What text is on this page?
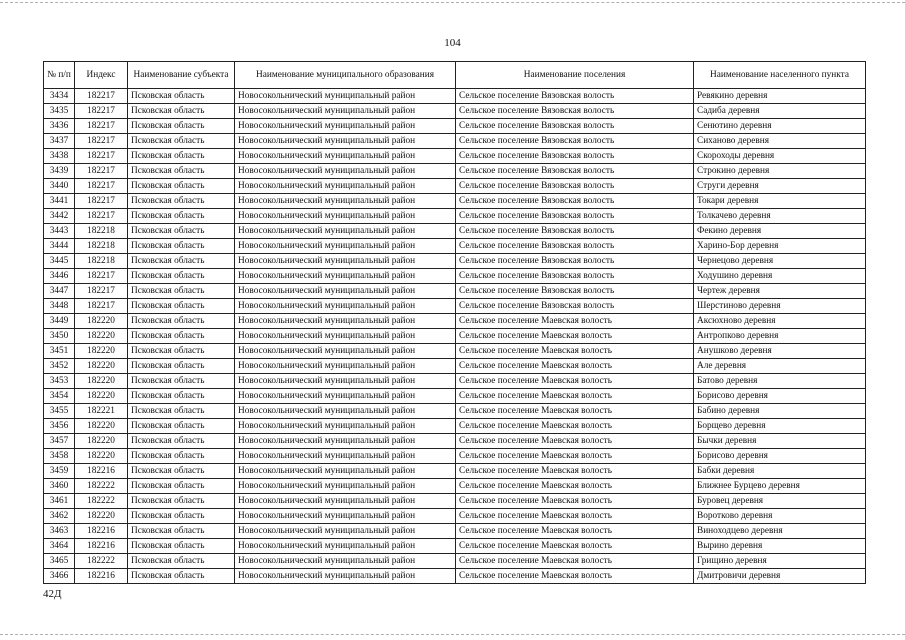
104
№ п/п	Индекс	Наименование субъекта	Наименование муниципального образования	Наименование поселения	Наименование населенного пункта
3434	182217	Псковская область	Новосокольнический муниципальный район	Сельское поселение Вязовская волость	Ревякино деревня
3435	182217	Псковская область	Новосокольнический муниципальный район	Сельское поселение Вязовская волость	Садиба деревня
3436	182217	Псковская область	Новосокольнический муниципальный район	Сельское поселение Вязовская волость	Сенютино деревня
3437	182217	Псковская область	Новосокольнический муниципальный район	Сельское поселение Вязовская волость	Сиханово деревня
3438	182217	Псковская область	Новосокольнический муниципальный район	Сельское поселение Вязовская волость	Скороходы деревня
3439	182217	Псковская область	Новосокольнический муниципальный район	Сельское поселение Вязовская волость	Строкино деревня
3440	182217	Псковская область	Новосокольнический муниципальный район	Сельское поселение Вязовская волость	Струги деревня
3441	182217	Псковская область	Новосокольнический муниципальный район	Сельское поселение Вязовская волость	Токари деревня
3442	182217	Псковская область	Новосокольнический муниципальный район	Сельское поселение Вязовская волость	Толкачево деревня
3443	182218	Псковская область	Новосокольнический муниципальный район	Сельское поселение Вязовская волость	Фекино деревня
3444	182218	Псковская область	Новосокольнический муниципальный район	Сельское поселение Вязовская волость	Харино-Бор деревня
3445	182218	Псковская область	Новосокольнический муниципальный район	Сельское поселение Вязовская волость	Чернецово деревня
3446	182217	Псковская область	Новосокольнический муниципальный район	Сельское поселение Вязовская волость	Ходушино деревня
3447	182217	Псковская область	Новосокольнический муниципальный район	Сельское поселение Вязовская волость	Чертеж деревня
3448	182217	Псковская область	Новосокольнический муниципальный район	Сельское поселение Вязовская волость	Шерстиново деревня
3449	182220	Псковская область	Новосокольнический муниципальный район	Сельское поселение Маевская волость	Аксюхново деревня
3450	182220	Псковская область	Новосокольнический муниципальный район	Сельское поселение Маевская волость	Антропково деревня
3451	182220	Псковская область	Новосокольнический муниципальный район	Сельское поселение Маевская волость	Анушково деревня
3452	182220	Псковская область	Новосокольнический муниципальный район	Сельское поселение Маевская волость	Але деревня
3453	182220	Псковская область	Новосокольнический муниципальный район	Сельское поселение Маевская волость	Батово деревня
3454	182220	Псковская область	Новосокольнический муниципальный район	Сельское поселение Маевская волость	Борисово деревня
3455	182221	Псковская область	Новосокольнический муниципальный район	Сельское поселение Маевская волость	Бабино деревня
3456	182220	Псковская область	Новосокольнический муниципальный район	Сельское поселение Маевская волость	Борщево деревня
3457	182220	Псковская область	Новосокольнический муниципальный район	Сельское поселение Маевская волость	Бычки деревня
3458	182220	Псковская область	Новосокольнический муниципальный район	Сельское поселение Маевская волость	Борисово деревня
3459	182216	Псковская область	Новосокольнический муниципальный район	Сельское поселение Маевская волость	Бабки деревня
3460	182222	Псковская область	Новосокольнический муниципальный район	Сельское поселение Маевская волость	Ближнее Бурцево деревня
3461	182222	Псковская область	Новосокольнический муниципальный район	Сельское поселение Маевская волость	Буровец деревня
3462	182220	Псковская область	Новосокольнический муниципальный район	Сельское поселение Маевская волость	Воротково деревня
3463	182216	Псковская область	Новосокольнический муниципальный район	Сельское поселение Маевская волость	Виноходцево деревня
3464	182216	Псковская область	Новосокольнический муниципальный район	Сельское поселение Маевская волость	Вырино деревня
3465	182222	Псковская область	Новосокольнический муниципальный район	Сельское поселение Маевская волость	Грищино деревня
3466	182216	Псковская область	Новосокольнический муниципальный район	Сельское поселение Маевская волость	Дмитровичи деревня
42Д
